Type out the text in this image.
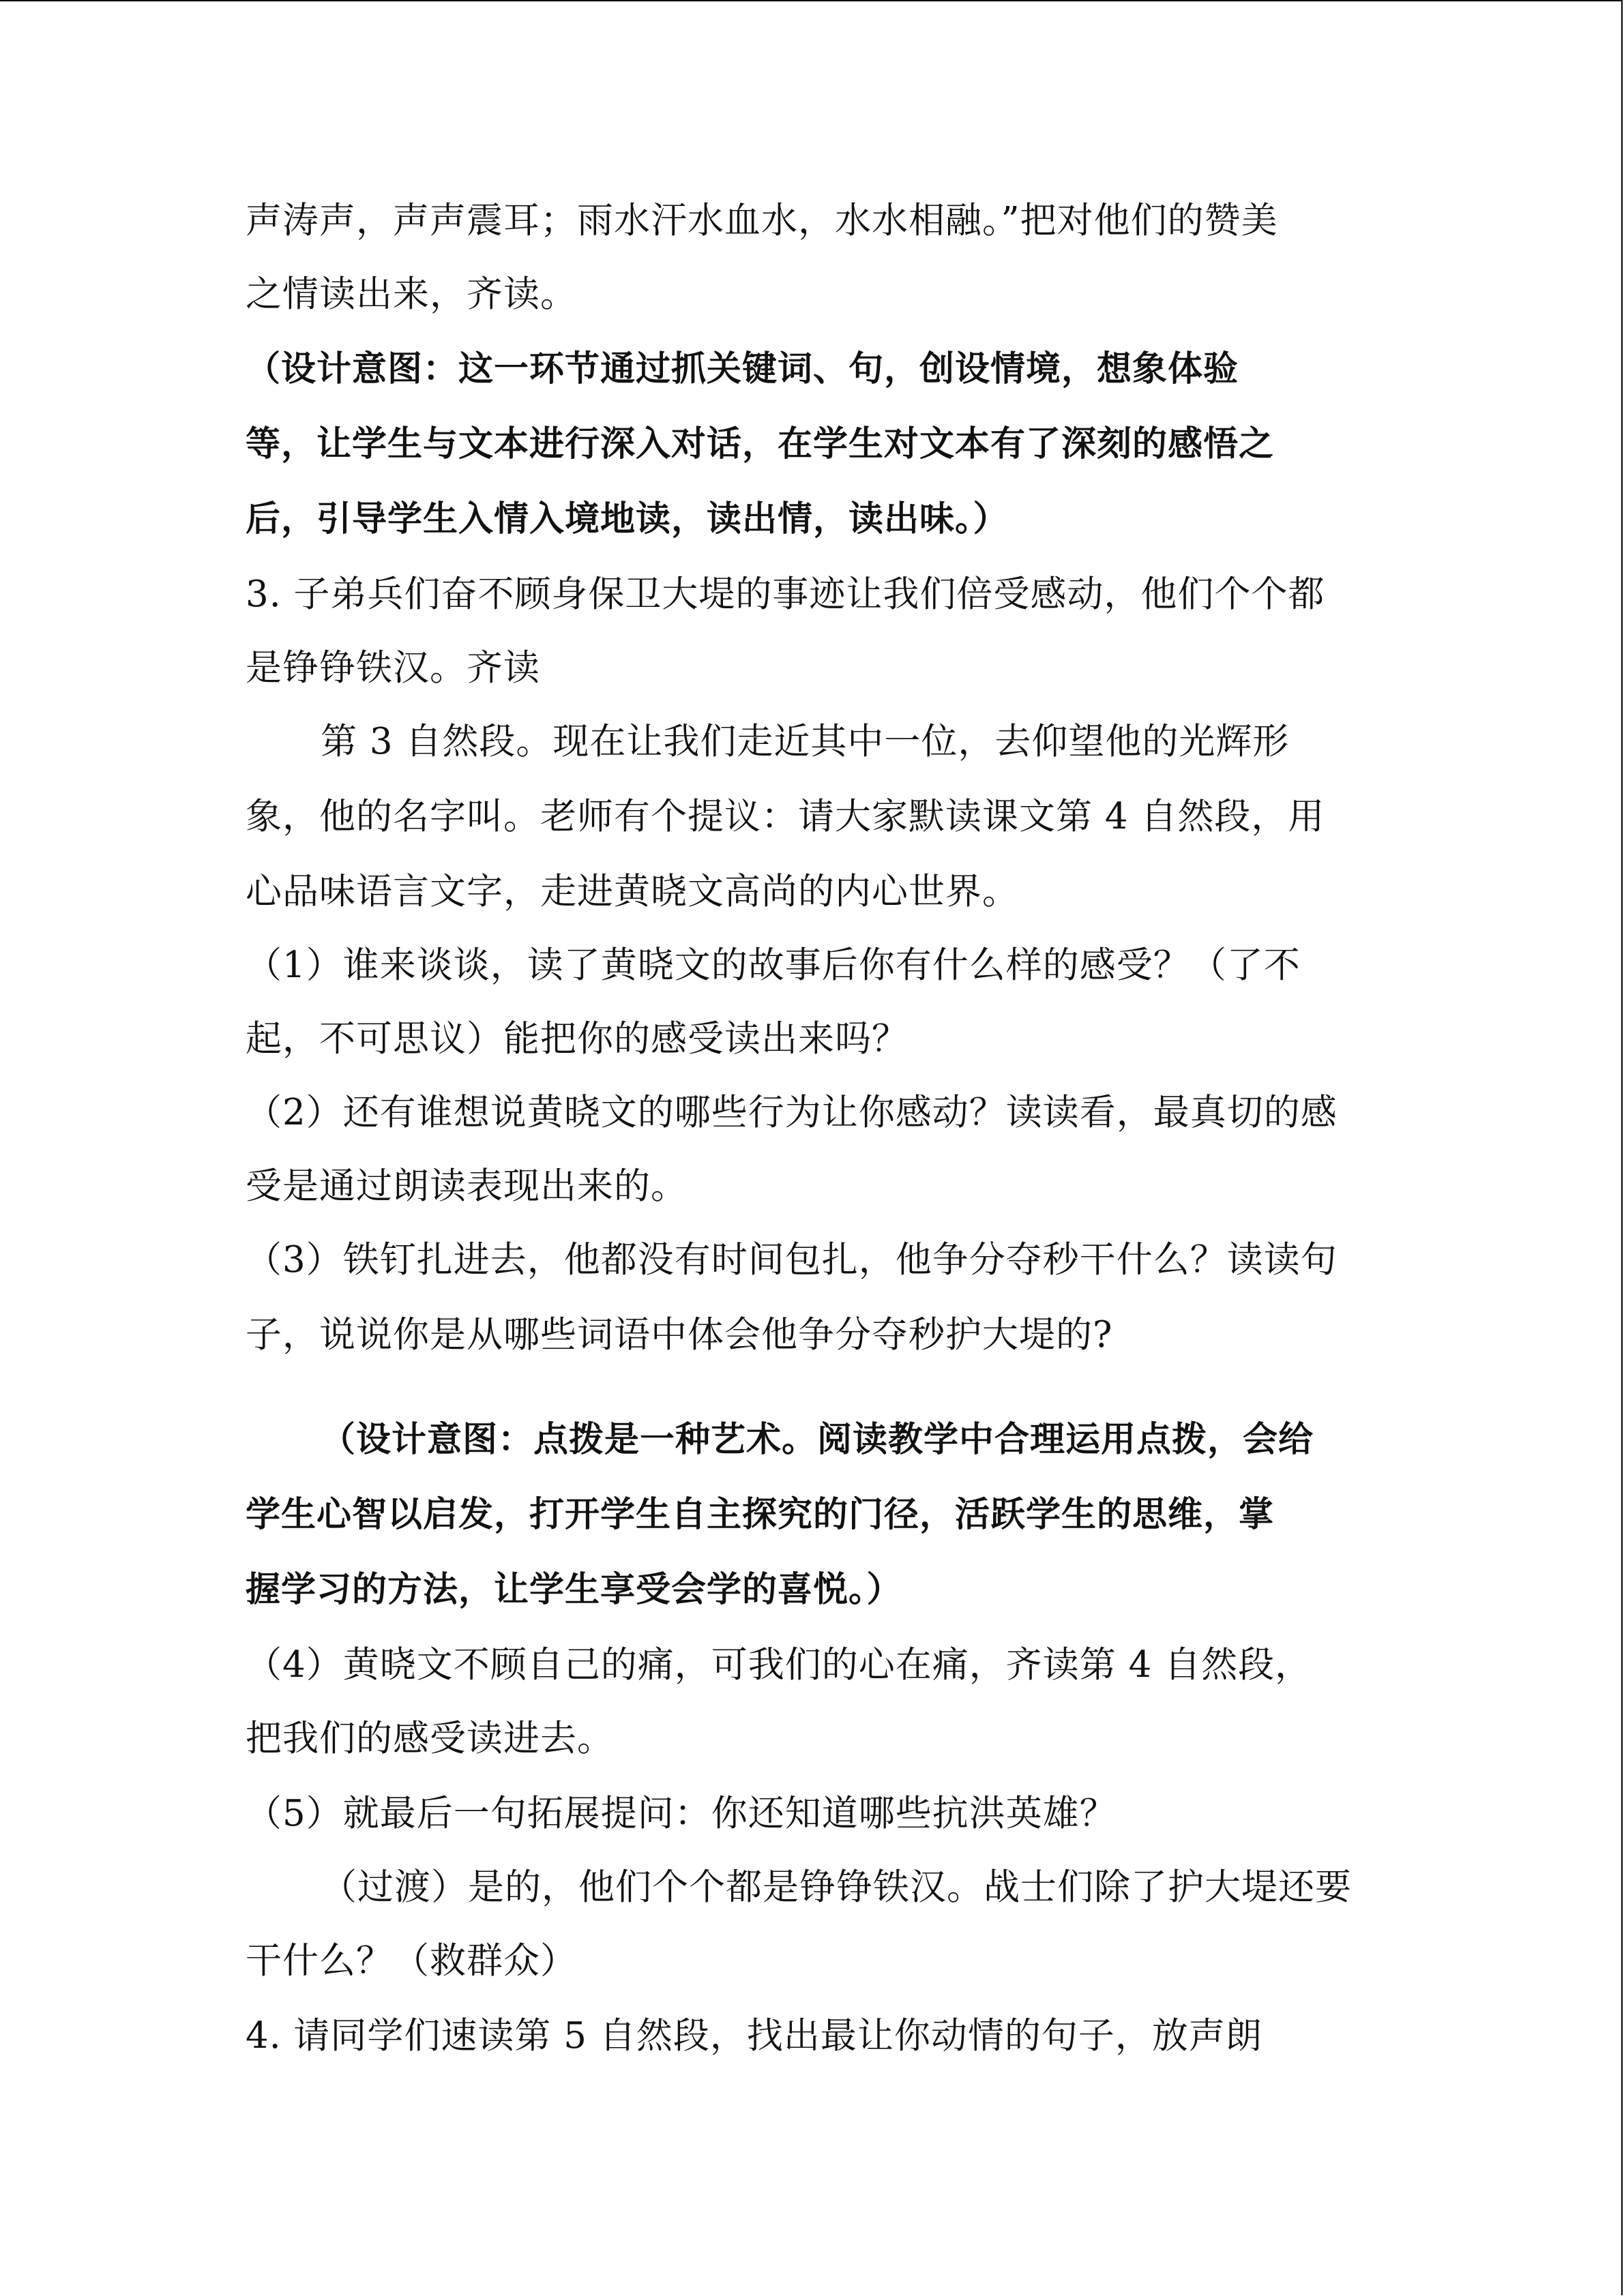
声涛声，声声震耳；雨水汗水血水，水水相融。”把对他们的赞美
之情读出来，齐读。
（设计意图：这一环节通过抓关键词、句，创设情境，想象体验
等，让学生与文本进行深入对话，在学生对文本有了深刻的感悟之
后，引导学生入情入境地读，读出情，读出味。）
3. 子弟兵们奋不顾身保卫大堤的事迹让我们倍受感动，他们个个都
是铮铮铁汉。齐读
第 3 自然段。现在让我们走近其中一位，去仰望他的光辉形
象，他的名字叫。老师有个提议：请大家默读课文第 4 自然段，用
心品味语言文字，走进黄晓文高尚的内心世界。
（1）谁来谈谈，读了黄晓文的故事后你有什么样的感受？（了不
起，不可思议）能把你的感受读出来吗？
（2）还有谁想说黄晓文的哪些行为让你感动？读读看，最真切的感
受是通过朗读表现出来的。
（3）铁钉扎进去，他都没有时间包扎，他争分夺秒干什么？读读句
子，说说你是从哪些词语中体会他争分夺秒护大堤的?
（设计意图：点拨是一种艺术。阅读教学中合理运用点拨，会给
学生心智以启发，打开学生自主探究的门径，活跃学生的思维，掌
握学习的方法，让学生享受会学的喜悦。）
（4）黄晓文不顾自己的痛，可我们的心在痛，齐读第 4 自然段，
把我们的感受读进去。
（5）就最后一句拓展提问：你还知道哪些抗洪英雄？
（过渡）是的，他们个个都是铮铮铁汉。战士们除了护大堤还要
干什么？（救群众）
4. 请同学们速读第 5 自然段，找出最让你动情的句子，放声朗
